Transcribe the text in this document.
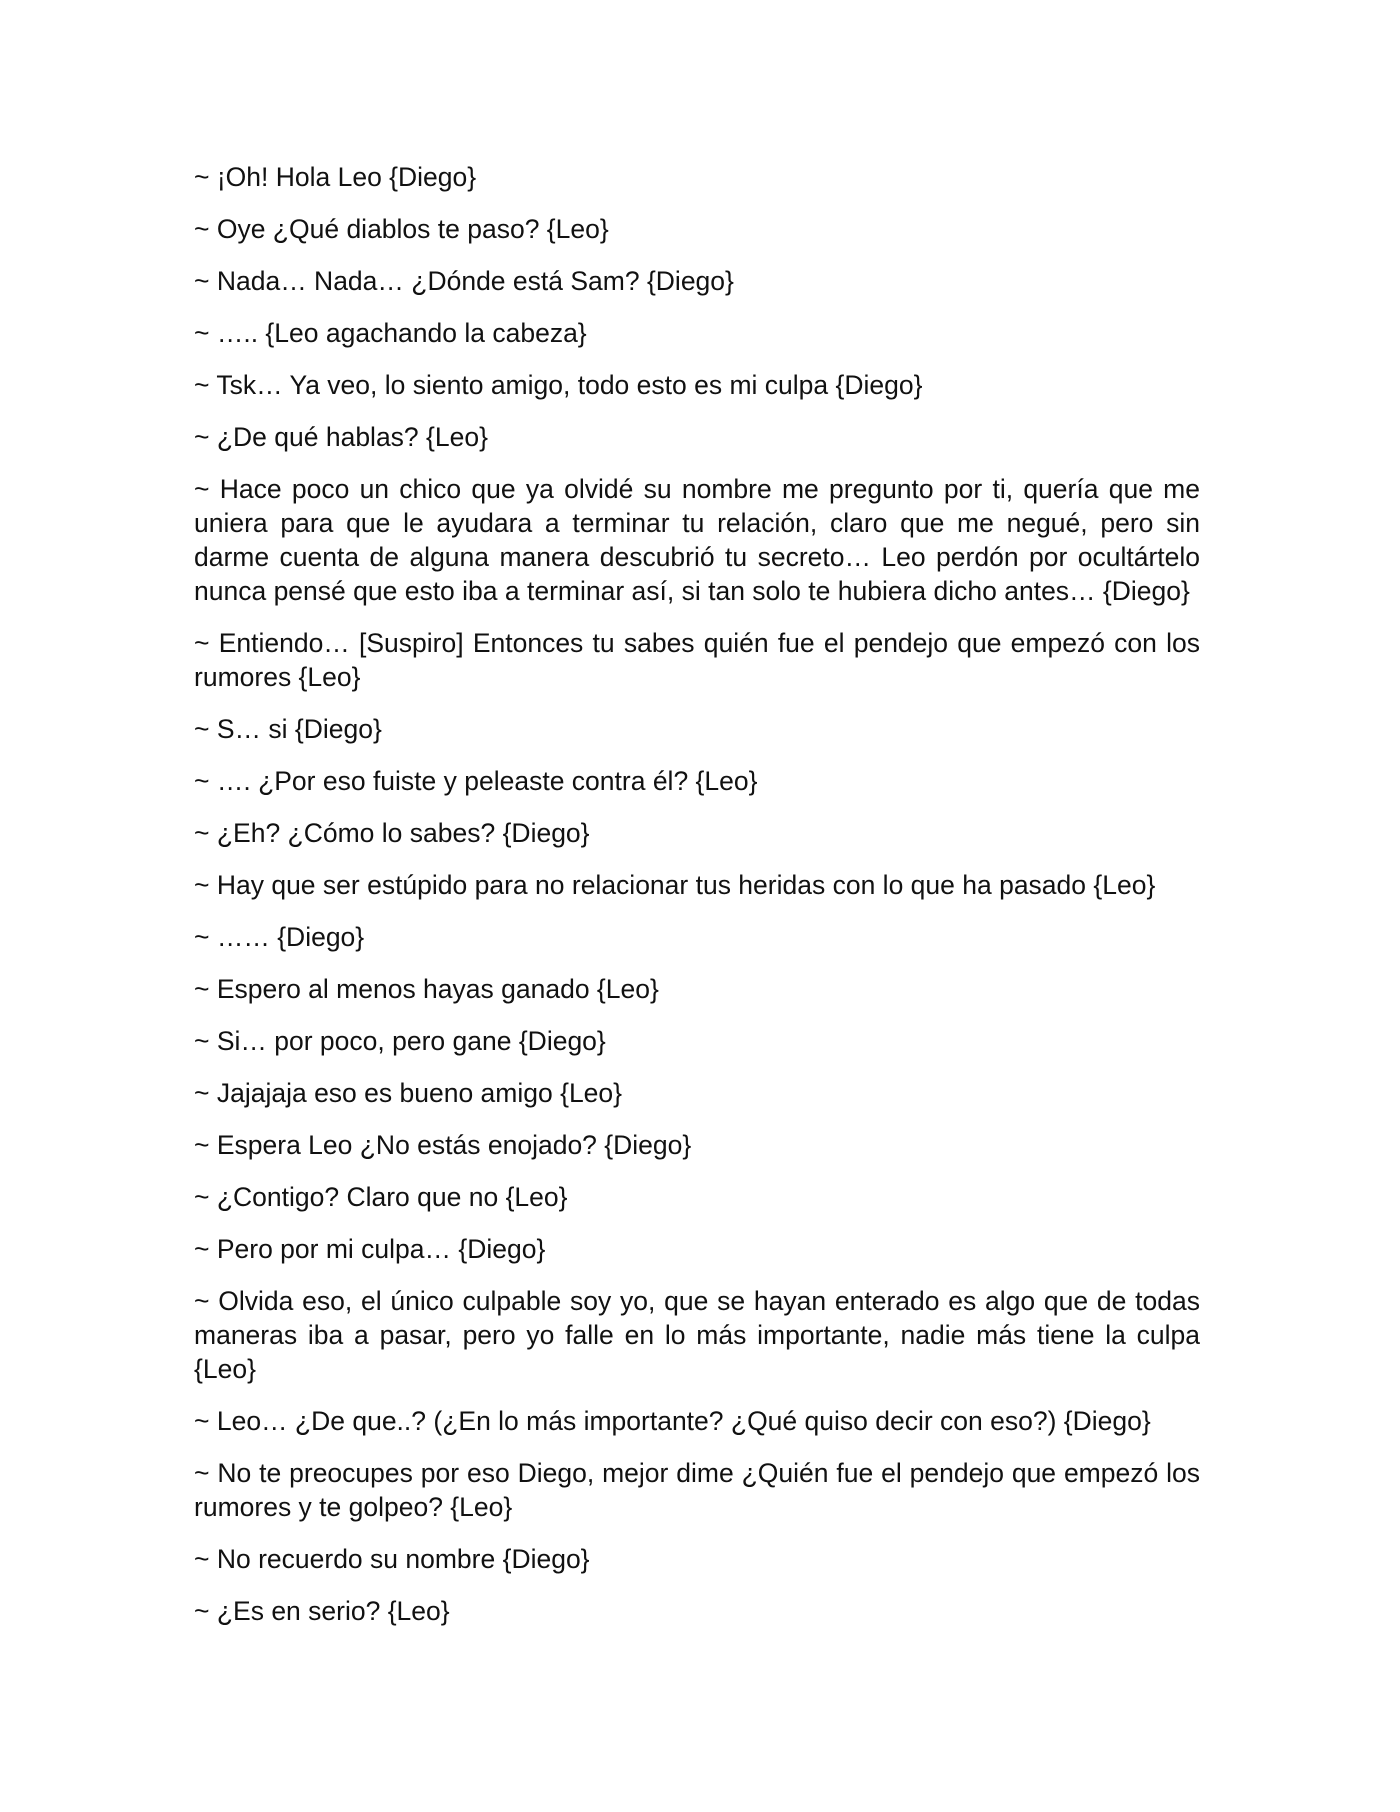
~ ¡Oh! Hola Leo {Diego}

~ Oye ¿Qué diablos te paso? {Leo}

~ Nada… Nada… ¿Dónde está Sam? {Diego}

~ ….. {Leo agachando la cabeza}

~ Tsk… Ya veo, lo siento amigo, todo esto es mi culpa {Diego}

~ ¿De qué hablas? {Leo}

~ Hace poco un chico que ya olvidé su nombre me pregunto por ti, quería que me uniera para que le ayudara a terminar tu relación, claro que me negué, pero sin darme cuenta de alguna manera descubrió tu secreto… Leo perdón por ocultártelo nunca pensé que esto iba a terminar así, si tan solo te hubiera dicho antes… {Diego}

~ Entiendo… [Suspiro] Entonces tu sabes quién fue el pendejo que empezó con los rumores {Leo}

~ S… si {Diego}

~ …. ¿Por eso fuiste y peleaste contra él? {Leo}

~ ¿Eh? ¿Cómo lo sabes? {Diego}

~ Hay que ser estúpido para no relacionar tus heridas con lo que ha pasado {Leo}

~ …… {Diego}

~ Espero al menos hayas ganado {Leo}

~ Si… por poco, pero gane {Diego}

~ Jajajaja eso es bueno amigo {Leo}

~ Espera Leo ¿No estás enojado? {Diego}

~ ¿Contigo? Claro que no {Leo}

~ Pero por mi culpa… {Diego}

~ Olvida eso, el único culpable soy yo, que se hayan enterado es algo que de todas maneras iba a pasar, pero yo falle en lo más importante, nadie más tiene la culpa {Leo}

~ Leo… ¿De que..? (¿En lo más importante? ¿Qué quiso decir con eso?) {Diego}

~ No te preocupes por eso Diego, mejor dime ¿Quién fue el pendejo que empezó los rumores y te golpeo? {Leo}

~ No recuerdo su nombre {Diego}

~ ¿Es en serio? {Leo}
